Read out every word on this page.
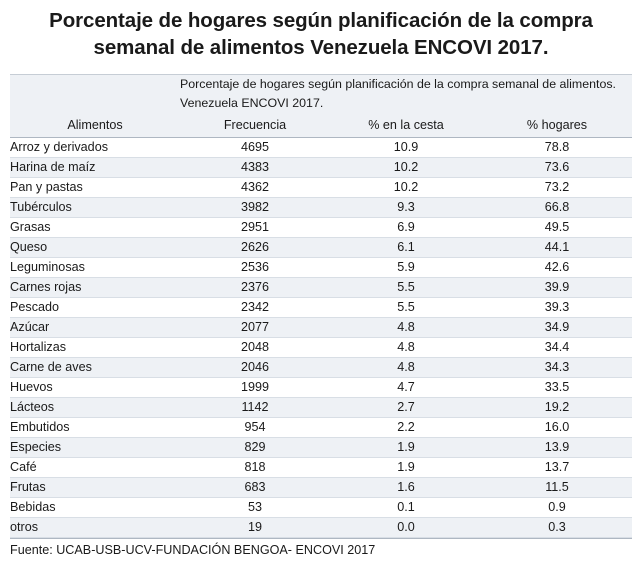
Porcentaje de hogares según planificación de la compra semanal de alimentos Venezuela ENCOVI 2017.
	Porcentaje de hogares según planificación de la compra semanal de alimentos. Venezuela ENCOVI 2017.		
Alimentos	Frecuencia	% en la cesta	% hogares
Arroz y derivados	4695	10.9	78.8
Harina de maíz	4383	10.2	73.6
Pan y pastas	4362	10.2	73.2
Tubérculos	3982	9.3	66.8
Grasas	2951	6.9	49.5
Queso	2626	6.1	44.1
Leguminosas	2536	5.9	42.6
Carnes rojas	2376	5.5	39.9
Pescado	2342	5.5	39.3
Azúcar	2077	4.8	34.9
Hortalizas	2048	4.8	34.4
Carne de aves	2046	4.8	34.3
Huevos	1999	4.7	33.5
Lácteos	1142	2.7	19.2
Embutidos	954	2.2	16.0
Especies	829	1.9	13.9
Café	818	1.9	13.7
Frutas	683	1.6	11.5
Bebidas	53	0.1	0.9
otros	19	0.0	0.3
Fuente: UCAB-USB-UCV-FUNDACIÓN BENGOA- ENCOVI 2017
